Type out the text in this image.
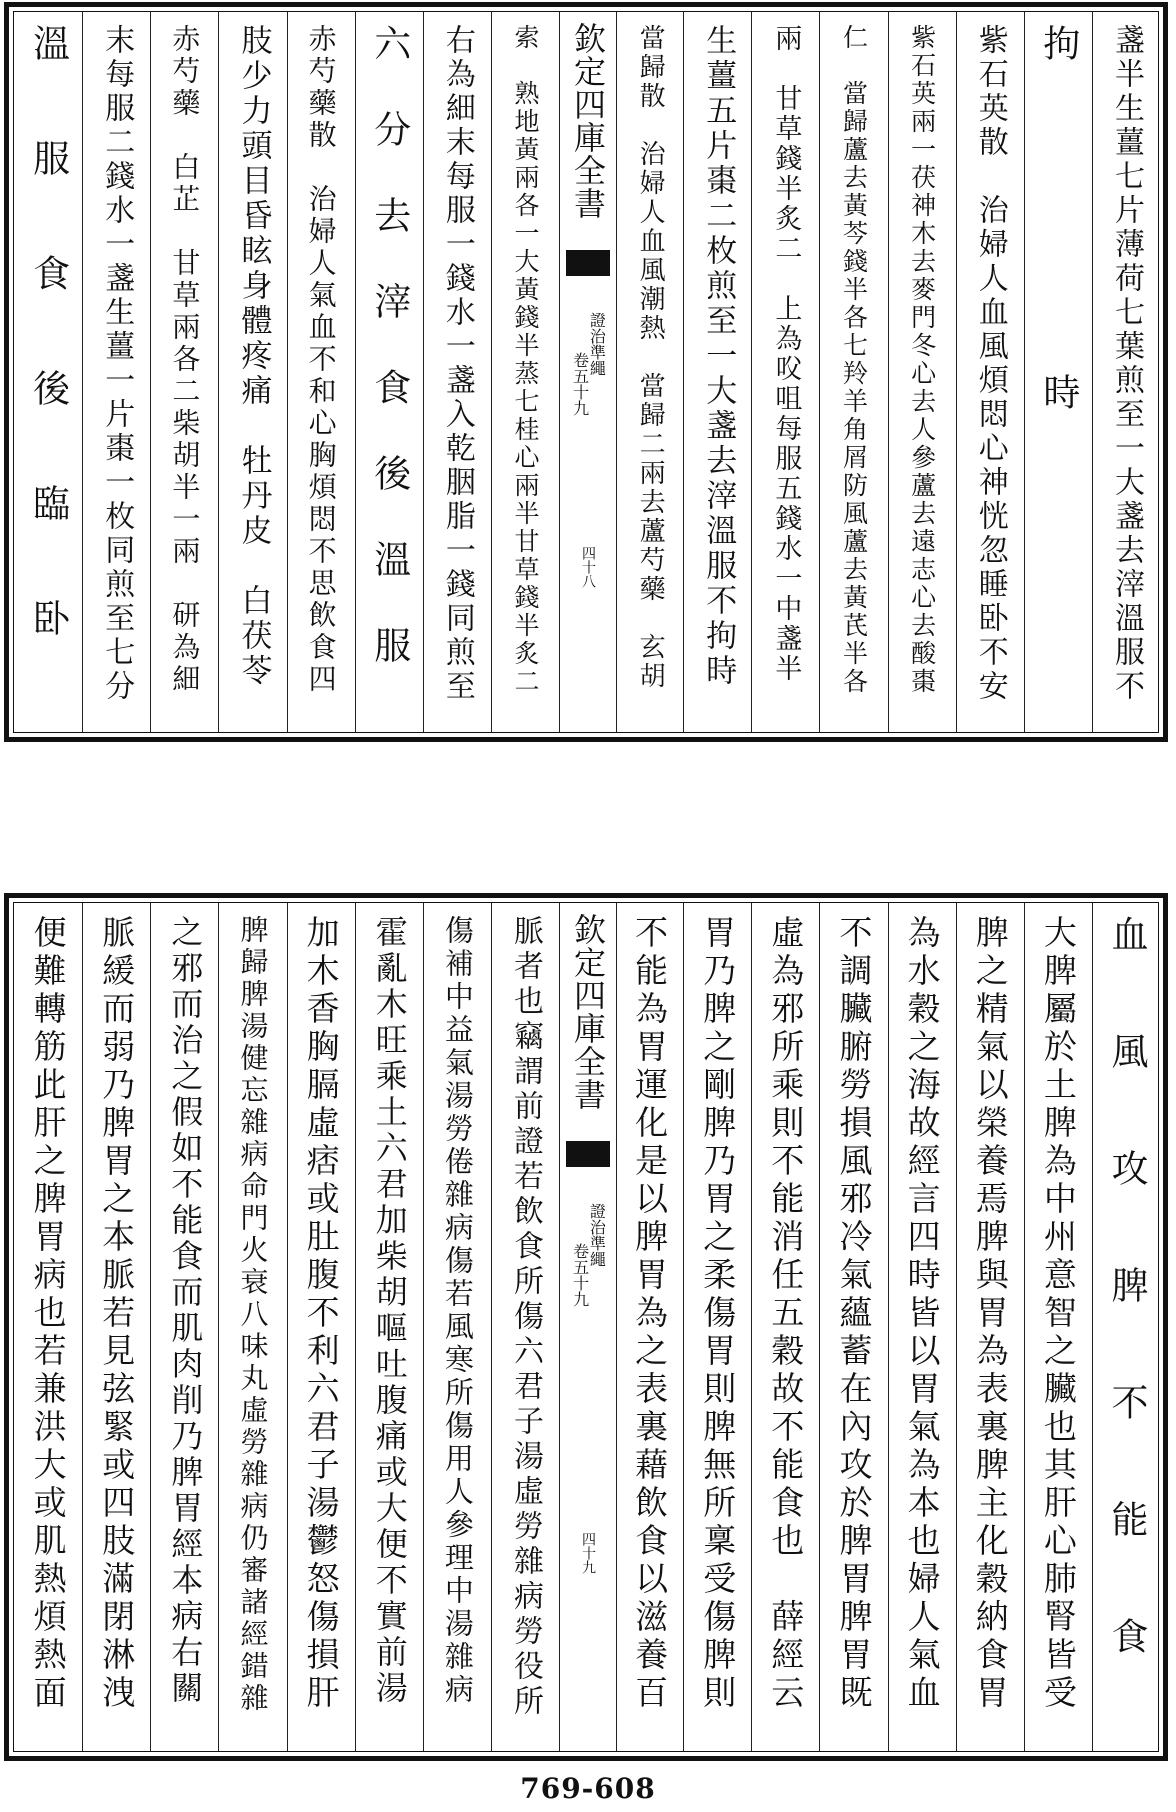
盞半生薑七片薄荷七葉煎至一大盞去滓溫服不
拘時
紫石英散　治婦人血風煩悶心神恍忽睡卧不安
紫石英兩一茯神木去麥門冬心去人參蘆去遠志心去酸棗
仁　當歸蘆去黃芩錢半各七羚羊角屑防風蘆去黃芪半各
兩　甘草錢半炙二　上為㕮咀每服五錢水一中盞半
生薑五片棗二枚煎至一大盞去滓溫服不拘時
當歸散　治婦人血風潮熱　當歸二兩去蘆芍藥　玄胡
索　熟地黃兩各一大黃錢半蒸七桂心兩半甘草錢半炙二
右為細末每服一錢水一盞入乾胭脂一錢同煎至
六分去滓食後溫服
赤芍藥散　治婦人氣血不和心胸煩悶不思飲食四
肢少力頭目昏眩身體疼痛　牡丹皮　白茯苓
赤芍藥　白芷　甘草兩各二柴胡半一兩　研為細
末每服二錢水一盞生薑一片棗一枚同煎至七分
溫服食後臨卧	欽定四庫全書
證治準繩
卷五十九
四十八
血風攻脾不能食
大脾屬於土脾為中州意智之臟也其肝心肺腎皆受
脾之精氣以榮養焉脾與胃為表裏脾主化穀納食胃
為水穀之海故經言四時皆以胃氣為本也婦人氣血
不調臟腑勞損風邪冷氣蘊蓄在內攻於脾胃脾胃既
虛為邪所乘則不能消任五穀故不能食也　薛經云
胃乃脾之剛脾乃胃之柔傷胃則脾無所稟受傷脾則
不能為胃運化是以脾胃為之表裏藉飲食以滋養百
脈者也竊謂前證若飲食所傷六君子湯虛勞雜病勞役所
傷補中益氣湯勞倦雜病傷若風寒所傷用人參理中湯雜病
霍亂木旺乘土六君加柴胡嘔吐腹痛或大便不實前湯
加木香胸膈虛痞或肚腹不利六君子湯鬱怒傷損肝
脾歸脾湯健忘雜病命門火衰八味丸虛勞雜病仍審諸經錯雜
之邪而治之假如不能食而肌肉削乃脾胃經本病右關
脈緩而弱乃脾胃之本脈若見弦緊或四肢滿閉淋洩
便難轉筋此肝之脾胃病也若兼洪大或肌熱煩熱面	欽定四庫全書
證治準繩
卷五十九
四十九
769-608
